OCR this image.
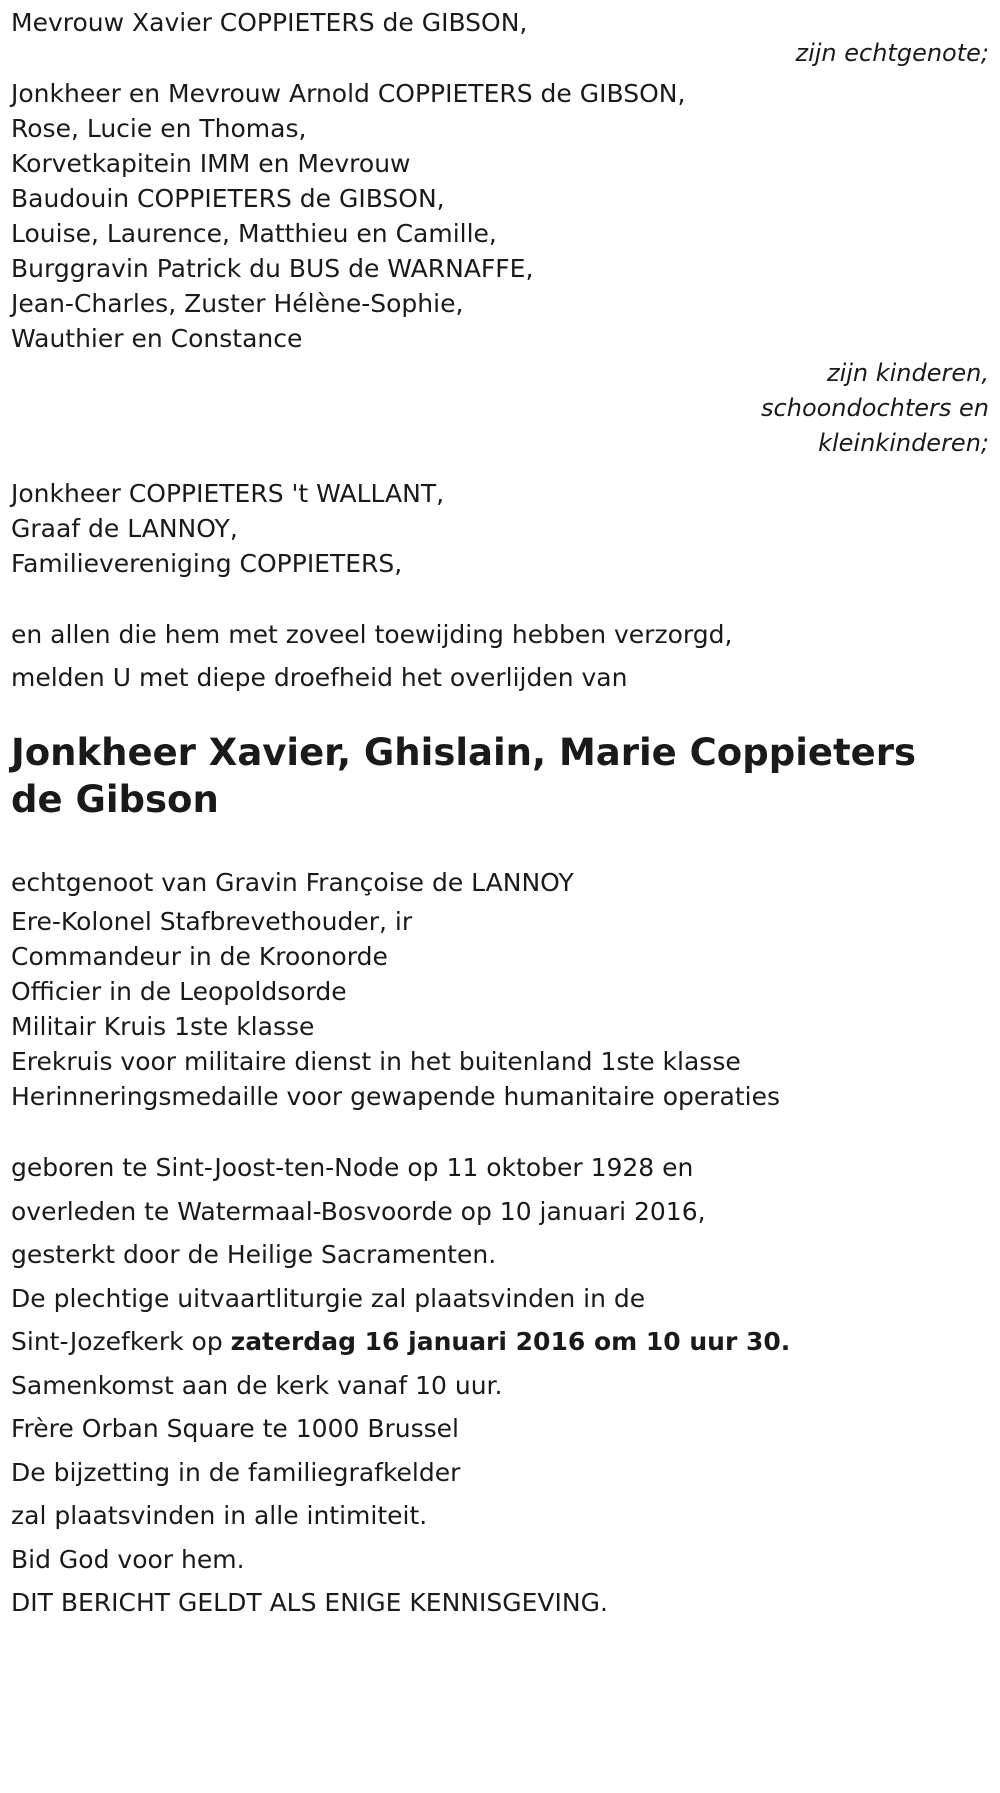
Mevrouw Xavier COPPIETERS de GIBSON,
zijn echtgenote;
Jonkheer en Mevrouw Arnold COPPIETERS de GIBSON,
Rose, Lucie en Thomas,
Korvetkapitein IMM en Mevrouw
Baudouin COPPIETERS de GIBSON,
Louise, Laurence, Matthieu en Camille,
Burggravin Patrick du BUS de WARNAFFE,
Jean-Charles, Zuster Hélène-Sophie,
Wauthier en Constance
zijn kinderen,
schoondochters en
kleinkinderen;
Jonkheer COPPIETERS 't WALLANT,
Graaf de LANNOY,
Familievereniging COPPIETERS,
en allen die hem met zoveel toewijding hebben verzorgd,
melden U met diepe droefheid het overlijden van
Jonkheer Xavier, Ghislain, Marie Coppieters de Gibson
echtgenoot van Gravin Françoise de LANNOY
Ere-Kolonel Stafbrevethouder, ir
Commandeur in de Kroonorde
Officier in de Leopoldsorde
Militair Kruis 1ste klasse
Erekruis voor militaire dienst in het buitenland 1ste klasse
Herinneringsmedaille voor gewapende humanitaire operaties
geboren te Sint-Joost-ten-Node op 11 oktober 1928 en
overleden te Watermaal-Bosvoorde op 10 januari 2016,
gesterkt door de Heilige Sacramenten.
De plechtige uitvaartliturgie zal plaatsvinden in de
Sint-Jozefkerk op zaterdag 16 januari 2016 om 10 uur 30.
Samenkomst aan de kerk vanaf 10 uur.
Frère Orban Square te 1000 Brussel
De bijzetting in de familiegrafkelder
zal plaatsvinden in alle intimiteit.
Bid God voor hem.
DIT BERICHT GELDT ALS ENIGE KENNISGEVING.
